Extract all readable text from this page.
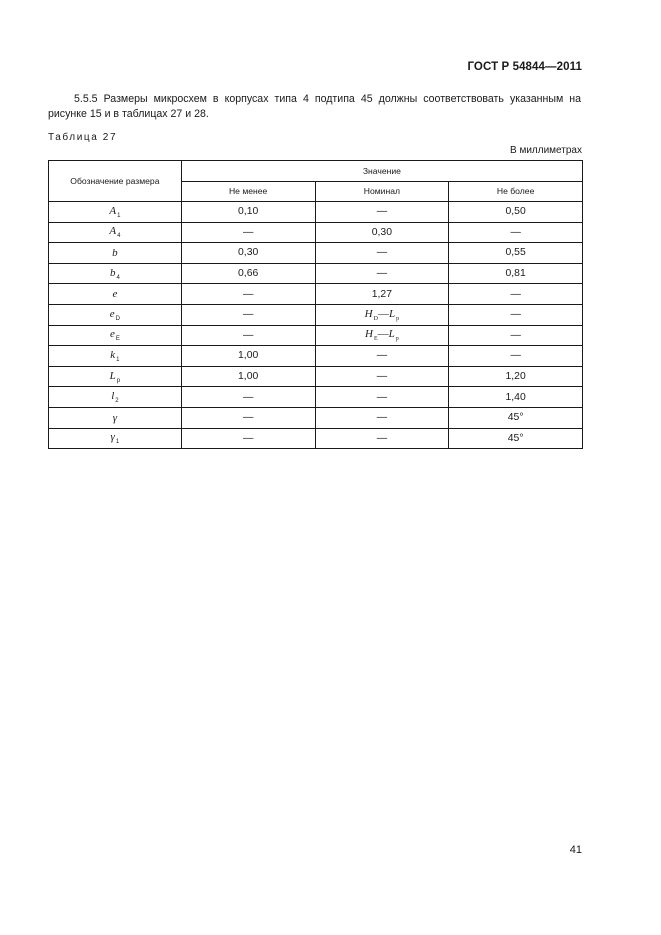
ГОСТ Р 54844—2011
5.5.5 Размеры микросхем в корпусах типа 4 подтипа 45 должны соответствовать указанным на
рисунке 15 и в таблицах 27 и 28.
Таблица 27
В миллиметрах
Обозначение размера	Значение		
	Не менее	Номинал	Не более
$A_1$	0,10	—	0,50
$A_4$	—	0,30	—
b	0,30	—	0,55
$b_4$	0,66	—	0,81
e	—	1,27	—
$e_D$	—	$H_D—L_p$	—
$e_E$	—	$H_E—L_p$	—
$k_1$	1,00	—	—
$L_p$	1,00	—	1,20
$l_2$	—	—	1,40
γ	—	—	45°
$\gamma_1$	—	—	45°
41
